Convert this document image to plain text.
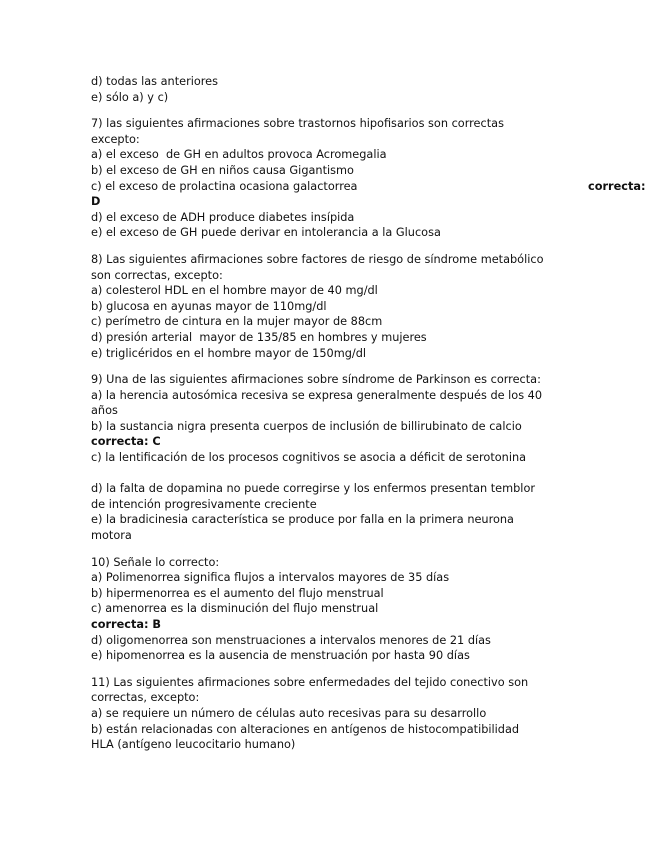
d) todas las anteriores
e) sólo a) y c)
7) las siguientes afirmaciones sobre trastornos hipofisarios son correctas
excepto:
a) el exceso  de GH en adultos provoca Acromegalia
b) el exceso de GH en niños causa Gigantismo
c) el exceso de prolactina ocasiona galactorrea	correcta:
D
d) el exceso de ADH produce diabetes insípida
e) el exceso de GH puede derivar en intolerancia a la Glucosa
8) Las siguientes afirmaciones sobre factores de riesgo de síndrome metabólico
son correctas, excepto:
a) colesterol HDL en el hombre mayor de 40 mg/dl
b) glucosa en ayunas mayor de 110mg/dl
c) perímetro de cintura en la mujer mayor de 88cm
d) presión arterial  mayor de 135/85 en hombres y mujeres
e) triglicéridos en el hombre mayor de 150mg/dl
9) Una de las siguientes afirmaciones sobre síndrome de Parkinson es correcta:
a) la herencia autosómica recesiva se expresa generalmente después de los 40
años
b) la sustancia nigra presenta cuerpos de inclusión de billirubinato de calcio
correcta: C
c) la lentificación de los procesos cognitivos se asocia a déficit de serotonina

d) la falta de dopamina no puede corregirse y los enfermos presentan temblor
de intención progresivamente creciente
e) la bradicinesia característica se produce por falla en la primera neurona
motora
10) Señale lo correcto:
a) Polimenorrea significa flujos a intervalos mayores de 35 días
b) hipermenorrea es el aumento del flujo menstrual
c) amenorrea es la disminución del flujo menstrual
correcta: B
d) oligomenorrea son menstruaciones a intervalos menores de 21 días
e) hipomenorrea es la ausencia de menstruación por hasta 90 días
11) Las siguientes afirmaciones sobre enfermedades del tejido conectivo son
correctas, excepto:
a) se requiere un número de células auto recesivas para su desarrollo
b) están relacionadas con alteraciones en antígenos de histocompatibilidad
HLA (antígeno leucocitario humano)
